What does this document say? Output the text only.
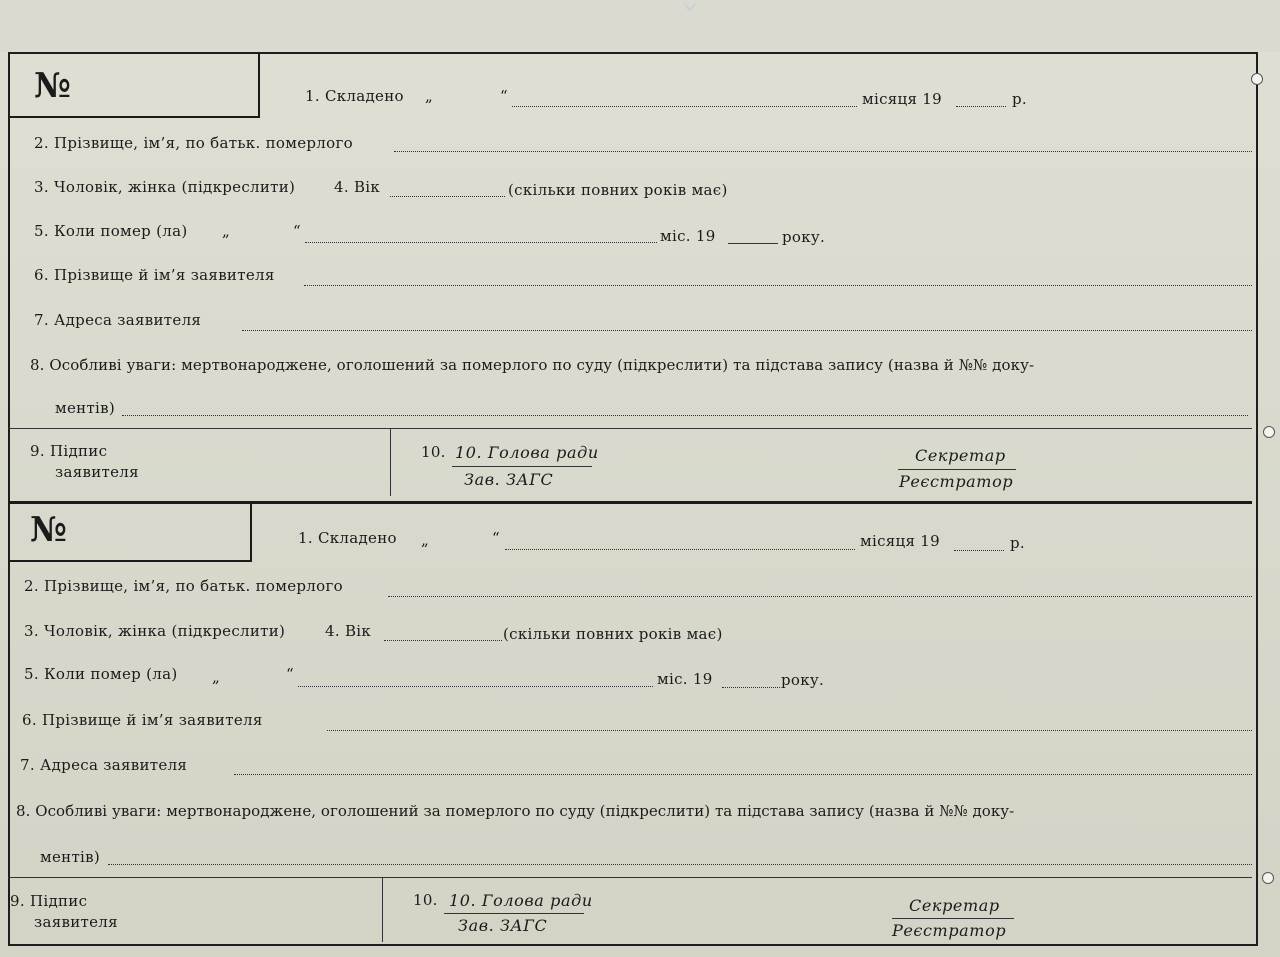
ˇ
№	1. Складено „	“	місяця 19	р.
2. Прізвище, ім’я, по батьк. померлого
3. Чоловік, жінка (підкреслити)	4. Вік	(скільки повних років має)
5. Коли помер (ла) „	“	міс. 19	року.
6. Прізвище й ім’я заявителя
7. Адреса заявителя
8. Особливі уваги: мертвонароджене, оголошений за померлого по суду (підкреслити) та підстава запису (назва й №№ доку-
ментів)
9. Підпис
заявителя
10. 10. Голова ради
Зав. ЗАГС
Секретар
Реєстратор
№	1. Складено „	“	місяця 19	р.
2. Прізвище, ім’я, по батьк. померлого
3. Чоловік, жінка (підкреслити)	4. Вік	(скільки повних років має)
5. Коли помер (ла) „	“	міс. 19	року.
6. Прізвище й ім’я заявителя
7. Адреса заявителя
8. Особливі уваги: мертвонароджене, оголошений за померлого по суду (підкреслити) та підстава запису (назва й №№ доку-
ментів)
9. Підпис
заявителя
10. 10. Голова ради
Зав. ЗАГС
Секретар
Реєстратор
